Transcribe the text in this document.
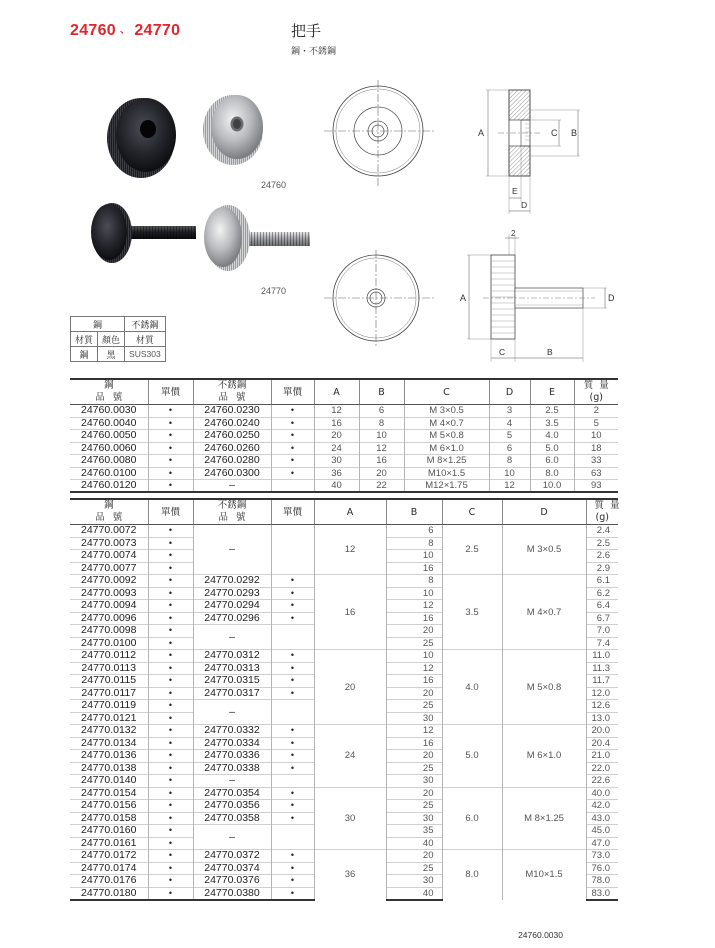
24760 、 24770	把手
鋼・不銹鋼
24760
24770
A	B
C
E
D
A	D
2
C	B
鋼		不銹鋼
材質	顏色	材質
鋼	黑	SUS303
鋼
品號	單價	不銹鋼
品號	單價	A	B	C	D	E	質量
(g)

24760.0030	•	24760.0230	•	12	6	M 3×0.5	3	2.5	2
24760.0040	•	24760.0240	•	16	8	M 4×0.7	4	3.5	5
24760.0050	•	24760.0250	•	20	10	M 5×0.8	5	4.0	10
24760.0060	•	24760.0260	•	24	12	M 6×1.0	6	5.0	18
24760.0080	•	24760.0280	•	30	16	M 8×1.25	8	6.0	33
24760.0100	•	24760.0300	•	36	20	M10×1.5	10	8.0	63
24760.0120	•	–		40	22	M12×1.75	12	10.0	93
鋼
品號	單價	不銹鋼
品號	單價	A	B	C	D	質量
(g)

24770.0072	•	–		12	6	2.5	M 3×0.5	2.4
24770.0073	•				8			2.5
24770.0074	•				10			2.6
24770.0077	•				16			2.9
24770.0092	•	24770.0292	•	16	8	3.5	M 4×0.7	6.1
24770.0093	•	24770.0293	•		10			6.2
24770.0094	•	24770.0294	•		12			6.4
24770.0096	•	24770.0296	•		16			6.7
24770.0098	•	–			20			7.0
24770.0100	•				25			7.4
24770.0112	•	24770.0312	•	20	10	4.0	M 5×0.8	11.0
24770.0113	•	24770.0313	•		12			11.3
24770.0115	•	24770.0315	•		16			11.7
24770.0117	•	24770.0317	•		20			12.0
24770.0119	•	–			25			12.6
24770.0121	•				30			13.0
24770.0132	•	24770.0332	•	24	12	5.0	M 6×1.0	20.0
24770.0134	•	24770.0334	•		16			20.4
24770.0136	•	24770.0336	•		20			21.0
24770.0138	•	24770.0338	•		25			22.0
24770.0140	•	–			30			22.6
24770.0154	•	24770.0354	•	30	20	6.0	M 8×1.25	40.0
24770.0156	•	24770.0356	•		25			42.0
24770.0158	•	24770.0358	•		30			43.0
24770.0160	•	–			35			45.0
24770.0161	•				40			47.0
24770.0172	•	24770.0372	•	36	20	8.0	M10×1.5	73.0
24770.0174	•	24770.0374	•		25			76.0
24770.0176	•	24770.0376	•		30			78.0
24770.0180	•	24770.0380	•		40			83.0
24760.0030
